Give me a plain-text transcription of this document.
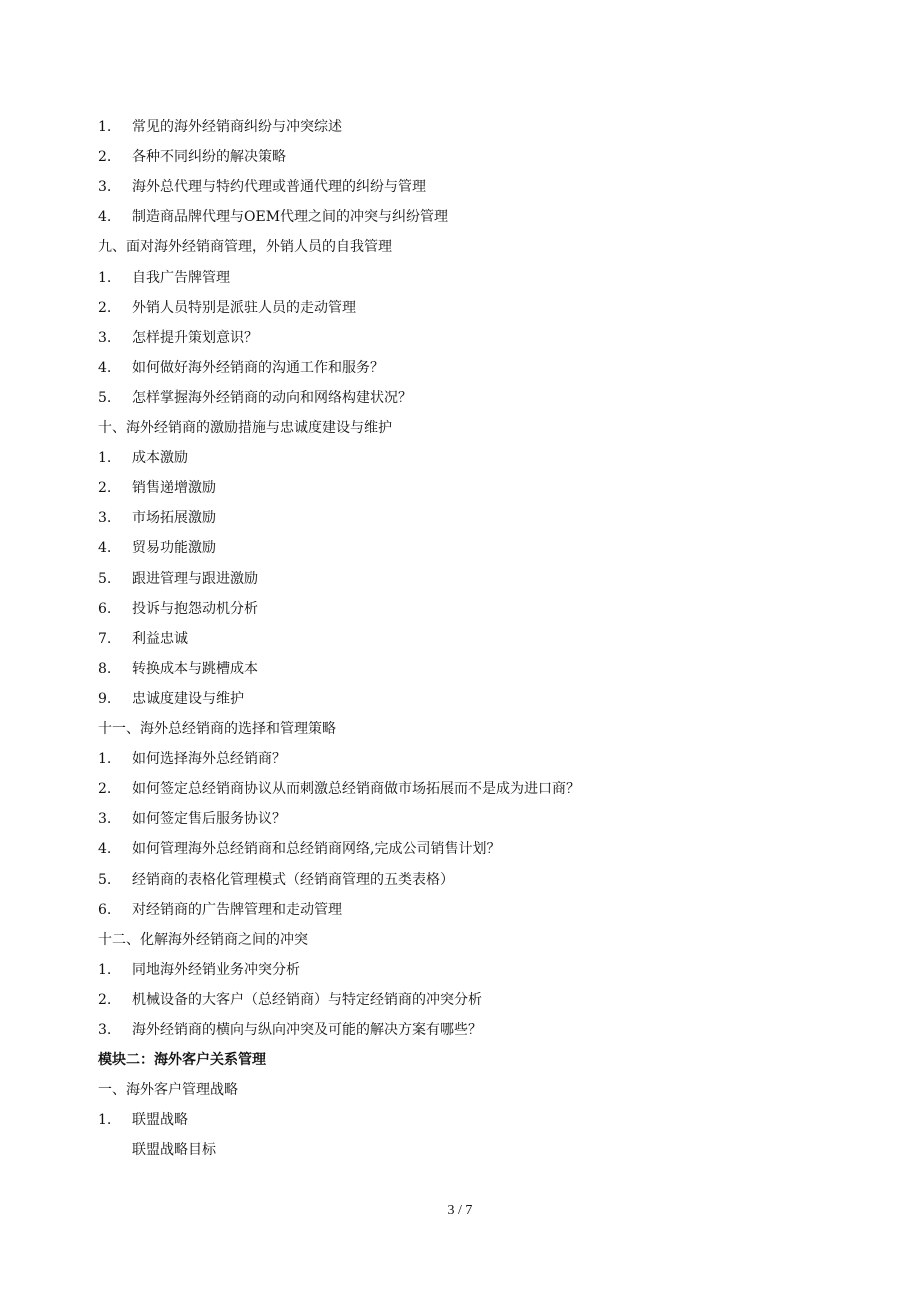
3 / 7
1. 常见的海外经销商纠纷与冲突综述
2. 各种不同纠纷的解决策略
3. 海外总代理与特约代理或普通代理的纠纷与管理
4. 制造商品牌代理与OEM代理之间的冲突与纠纷管理
九、面对海外经销商管理，外销人员的自我管理
1. 自我广告牌管理
2. 外销人员特别是派驻人员的走动管理
3. 怎样提升策划意识？
4. 如何做好海外经销商的沟通工作和服务？
5. 怎样掌握海外经销商的动向和网络构建状况？
十、海外经销商的激励措施与忠诚度建设与维护
1. 成本激励
2. 销售递增激励
3. 市场拓展激励
4. 贸易功能激励
5. 跟进管理与跟进激励
6. 投诉与抱怨动机分析
7. 利益忠诚
8. 转换成本与跳槽成本
9. 忠诚度建设与维护
十一、海外总经销商的选择和管理策略
1. 如何选择海外总经销商？
2. 如何签定总经销商协议从而刺激总经销商做市场拓展而不是成为进口商？
3. 如何签定售后服务协议？
4. 如何管理海外总经销商和总经销商网络,完成公司销售计划？
5. 经销商的表格化管理模式（经销商管理的五类表格）
6. 对经销商的广告牌管理和走动管理
十二、化解海外经销商之间的冲突
1. 同地海外经销业务冲突分析
2. 机械设备的大客户（总经销商）与特定经销商的冲突分析
3. 海外经销商的横向与纵向冲突及可能的解决方案有哪些？
模块二：海外客户关系管理
一、海外客户管理战略
1. 联盟战略
联盟战略目标
